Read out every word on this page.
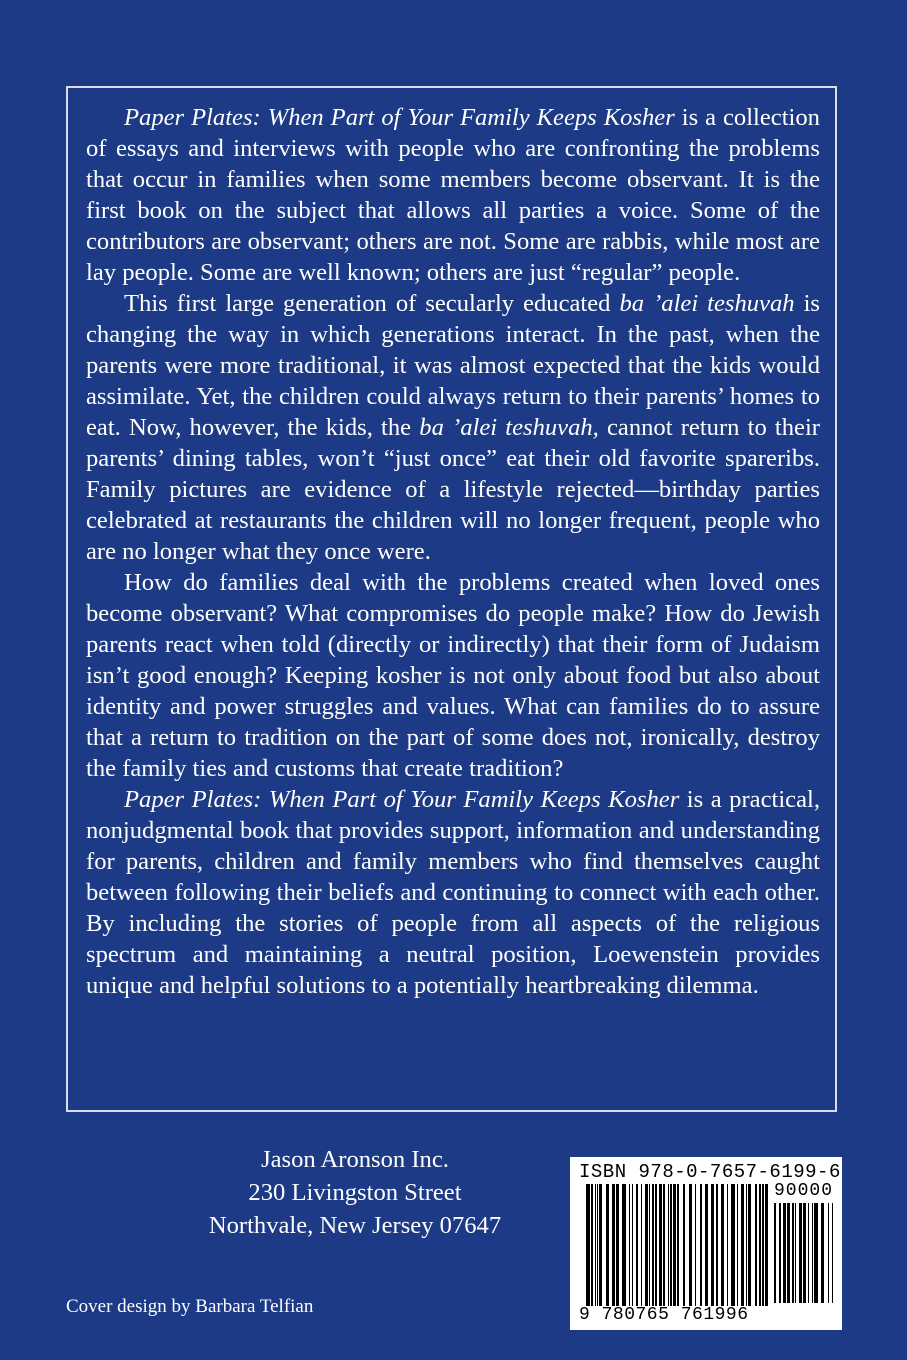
Paper Plates: When Part of Your Family Keeps Kosher is a collection of essays and interviews with people who are confronting the problems that occur in families when some members become observant. It is the first book on the subject that allows all parties a voice. Some of the contributors are observant; others are not. Some are rabbis, while most are lay people. Some are well known; others are just “regular” people.

This first large generation of secularly educated ba ’alei teshuvah is changing the way in which generations interact. In the past, when the parents were more traditional, it was almost expected that the kids would assimilate. Yet, the children could always return to their parents’ homes to eat. Now, however, the kids, the ba ’alei teshuvah, cannot return to their parents’ dining tables, won’t “just once” eat their old favorite spareribs. Family pictures are evidence of a lifestyle rejected—birthday parties celebrated at restaurants the children will no longer frequent, people who are no longer what they once were.

How do families deal with the problems created when loved ones become observant? What compromises do people make? How do Jewish parents react when told (directly or indirectly) that their form of Judaism isn’t good enough? Keeping kosher is not only about food but also about identity and power struggles and values. What can families do to assure that a return to tradition on the part of some does not, ironically, destroy the family ties and customs that create tradition?

Paper Plates: When Part of Your Family Keeps Kosher is a practical, nonjudgmental book that provides support, information and understanding for parents, children and family members who find themselves caught between following their beliefs and continuing to connect with each other. By including the stories of people from all aspects of the religious spectrum and maintaining a neutral position, Loewenstein provides unique and helpful solutions to a potentially heartbreaking dilemma.

Jason Aronson Inc.
230 Livingston Street
Northvale, New Jersey 07647
Cover design by Barbara Telfian
ISBN 978-0-7657-6199-6
90000
9 780765 761996
